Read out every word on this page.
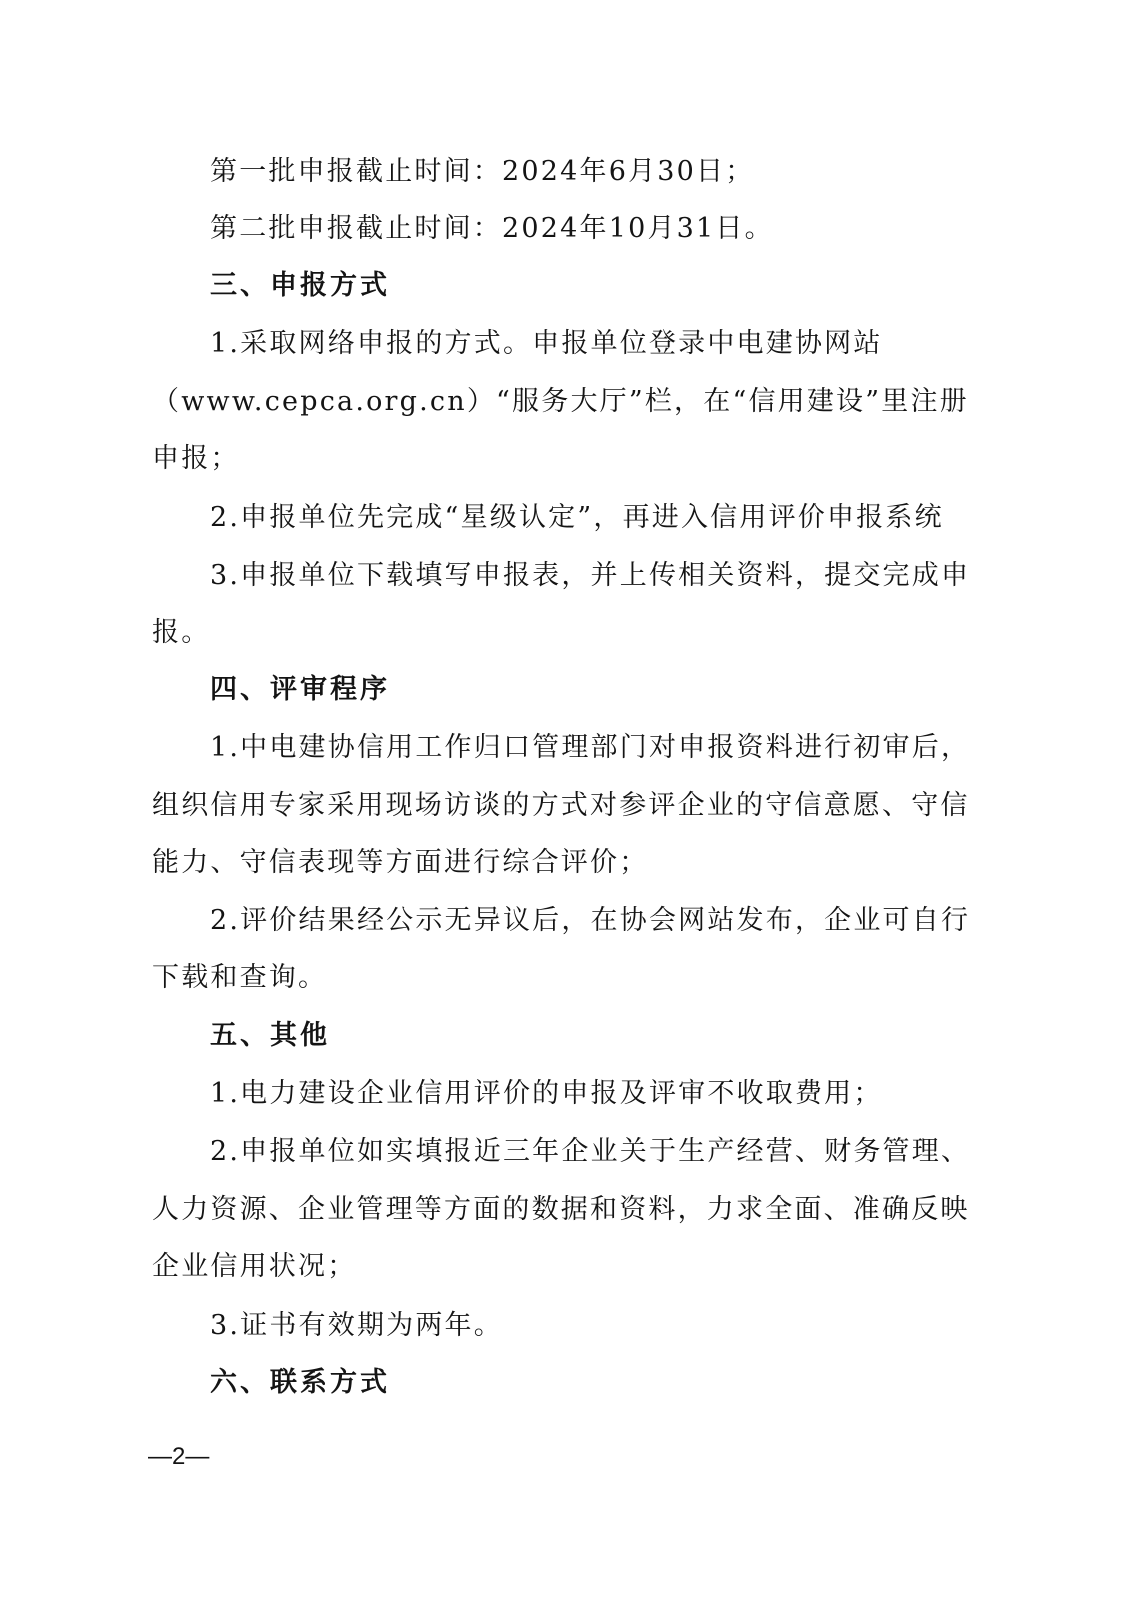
第一批申报截止时间：2024年6月30日；
第二批申报截止时间：2024年10月31日。
三、申报方式
1.采取网络申报的方式。申报单位登录中电建协网站
（www.cepca.org.cn）“服务大厅”栏，在“信用建设”里注册
申报；
2.申报单位先完成“星级认定”，再进入信用评价申报系统
3.申报单位下载填写申报表，并上传相关资料，提交完成申
报。
四、评审程序
1.中电建协信用工作归口管理部门对申报资料进行初审后，
组织信用专家采用现场访谈的方式对参评企业的守信意愿、守信
能力、守信表现等方面进行综合评价；
2.评价结果经公示无异议后，在协会网站发布，企业可自行
下载和查询。
五、其他
1.电力建设企业信用评价的申报及评审不收取费用；
2.申报单位如实填报近三年企业关于生产经营、财务管理、
人力资源、企业管理等方面的数据和资料，力求全面、准确反映
企业信用状况；
3.证书有效期为两年。
六、联系方式
—2—
